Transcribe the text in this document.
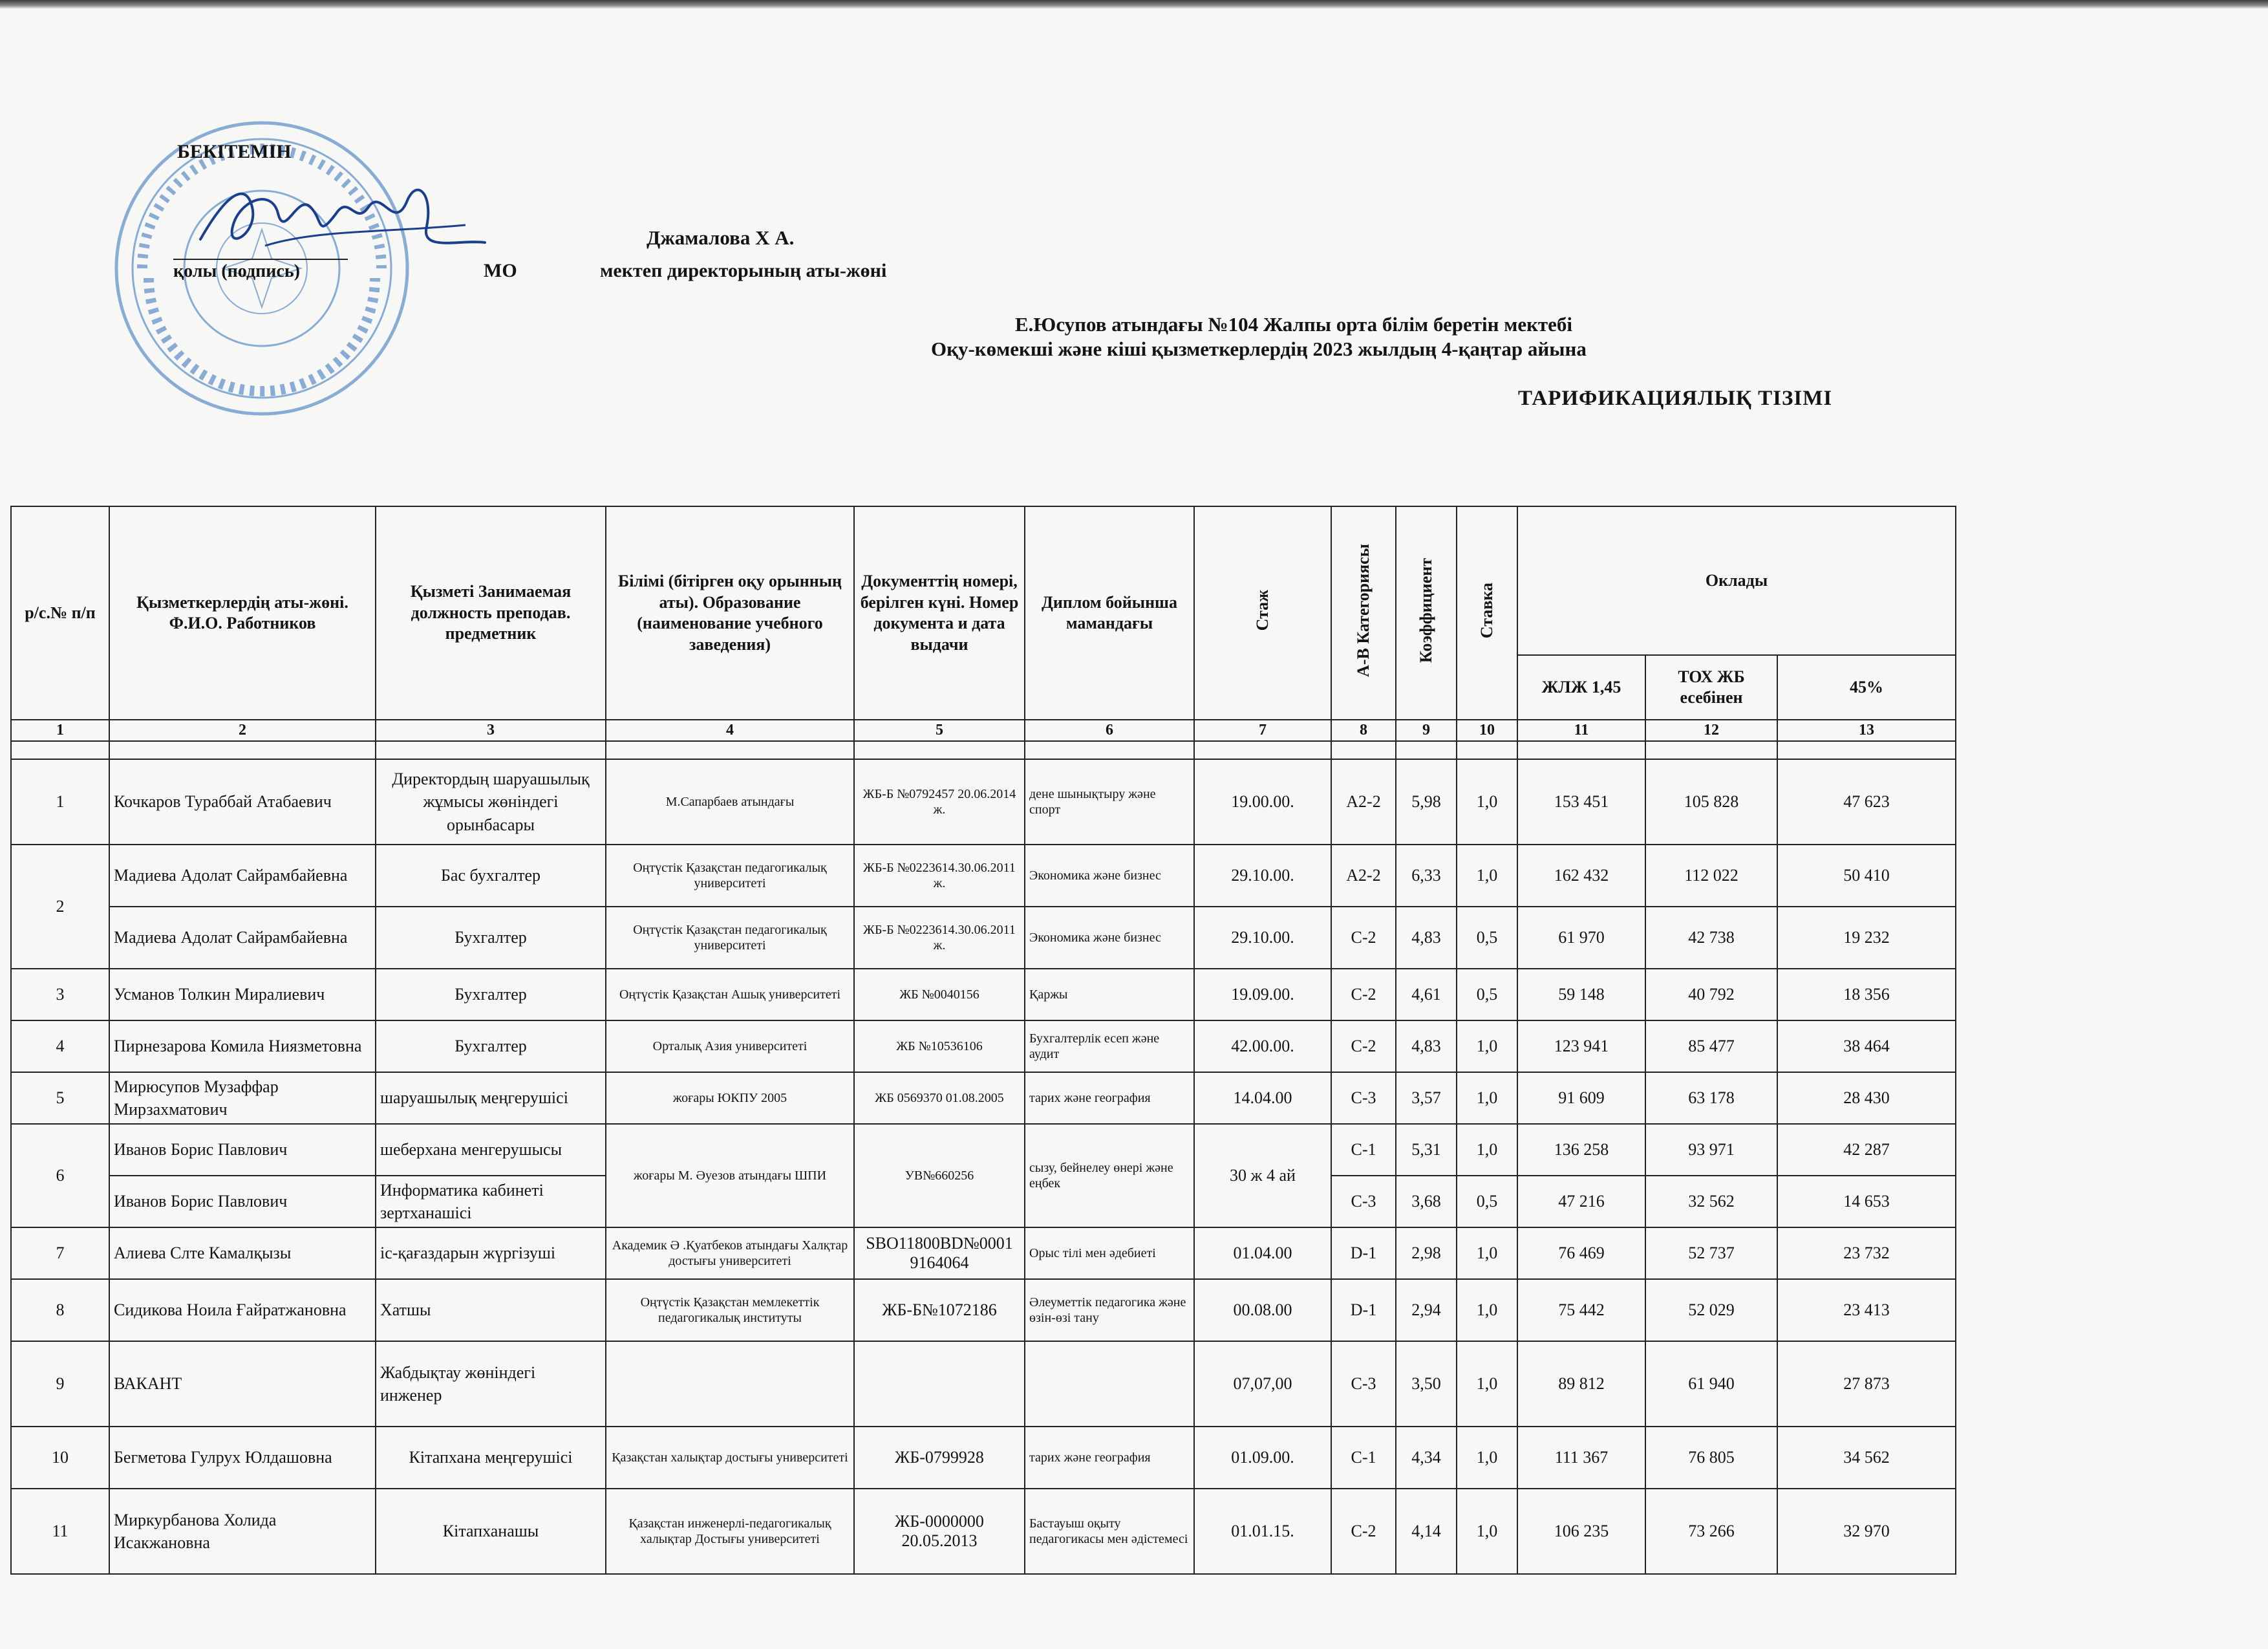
БЕКІТЕМІН
қолы (подпись)	МО
Джамалова Х А.
мектеп директорының аты-жөні
Е.Юсупов атындағы №104 Жалпы орта білім беретін мектебі
Оқу-көмекші және кіші қызметкерлердің 2023 жылдың 4-қаңтар айына
ТАРИФИКАЦИЯЛЫҚ ТІЗІМІ
р/с.№ п/п	Қызметкерлердің аты-жөні. Ф.И.О. Работников	Қызметі Занимаемая должность преподав. предметник	Білімі (бітірген оқу орынның аты). Образование (наименование учебного заведения)	Документтің номері, берілген күні. Номер документа и дата выдачи	Диплом бойынша мамандағы	Стаж	А-В Категориясы	Коэффициент	Ставка	Оклады		
										ЖЛЖ 1,45	ТОХ ЖБ есебінен	45%
1	2	3	4	5	6	7	8	9	10	11	12	13

1	Кочкаров Тураббай Атабаевич	Директордың шаруашылық жұмысы жөніндегі орынбасары	М.Сапарбаев атындағы	ЖБ-Б №0792457 20.06.2014 ж.	дене шынықтыру және спорт	19.00.00.	А2-2	5,98	1,0	153 451	105 828	47 623
2	Мадиева Адолат Сайрамбайевна	Бас бухгалтер	Оңтүстік Қазақстан педагогикалық университеті	ЖБ-Б №0223614.30.06.2011 ж.	Экономика және бизнес	29.10.00.	А2-2	6,33	1,0	162 432	112 022	50 410
	Мадиева Адолат Сайрамбайевна	Бухгалтер	Оңтүстік Қазақстан педагогикалық университеті	ЖБ-Б №0223614.30.06.2011 ж.	Экономика және бизнес	29.10.00.	С-2	4,83	0,5	61 970	42 738	19 232
3	Усманов Толкин Миралиевич	Бухгалтер	Оңтүстік Қазақстан Ашық университеті	ЖБ №0040156	Қаржы	19.09.00.	С-2	4,61	0,5	59 148	40 792	18 356
4	Пирнезарова Комила Ниязметовна	Бухгалтер	Орталық Азия университеті	ЖБ №10536106	Бухгалтерлік есеп және аудит	42.00.00.	С-2	4,83	1,0	123 941	85 477	38 464
5	Мирюсупов Музаффар Мирзахматович	шаруашылық меңгерушісі	жоғары ЮКПУ 2005	ЖБ 0569370 01.08.2005	тарих және география	14.04.00	С-3	3,57	1,0	91 609	63 178	28 430
6	Иванов Борис Павлович	шеберхана менгерушысы	жоғары М. Әуезов атындағы ШПИ	УВ№660256	сызу, бейнелеу өнері және еңбек	30 ж 4 ай	С-1	5,31	1,0	136 258	93 971	42 287
	Иванов Борис Павлович	Информатика кабинеті зертханашісі					С-3	3,68	0,5	47 216	32 562	14 653
7	Алиева Слте Камалқызы	іс-қағаздарын жүргізуші	Академик Ә .Қуатбеков атындағы Халқтар достығы университеті	SBO11800BD№0001 9164064	Орыс тілі мен әдебиеті	01.04.00	D-1	2,98	1,0	76 469	52 737	23 732
8	Сидикова Ноила Ғайратжановна	Хатшы	Оңтүстік Қазақстан мемлекеттік педагогикалық институты	ЖБ-Б№1072186	Әлеуметтік педагогика және өзін-өзі тану	00.08.00	D-1	2,94	1,0	75 442	52 029	23 413
9	ВАКАНТ	Жабдықтау жөніндегі инженер				07,07,00	С-3	3,50	1,0	89 812	61 940	27 873
10	Бегметова Гулрух Юлдашовна	Кітапхана меңгерушісі	Қазақстан халықтар достығы университеті	ЖБ-0799928	тарих және география	01.09.00.	С-1	4,34	1,0	111 367	76 805	34 562
11	Миркурбанова Холида Исакжановна	Кітапханашы	Қазақстан инженерлі-педагогикалық халықтар Достығы университеті	ЖБ-0000000 20.05.2013	Бастауыш оқыту педагогикасы мен әдістемесі	01.01.15.	С-2	4,14	1,0	106 235	73 266	32 970
